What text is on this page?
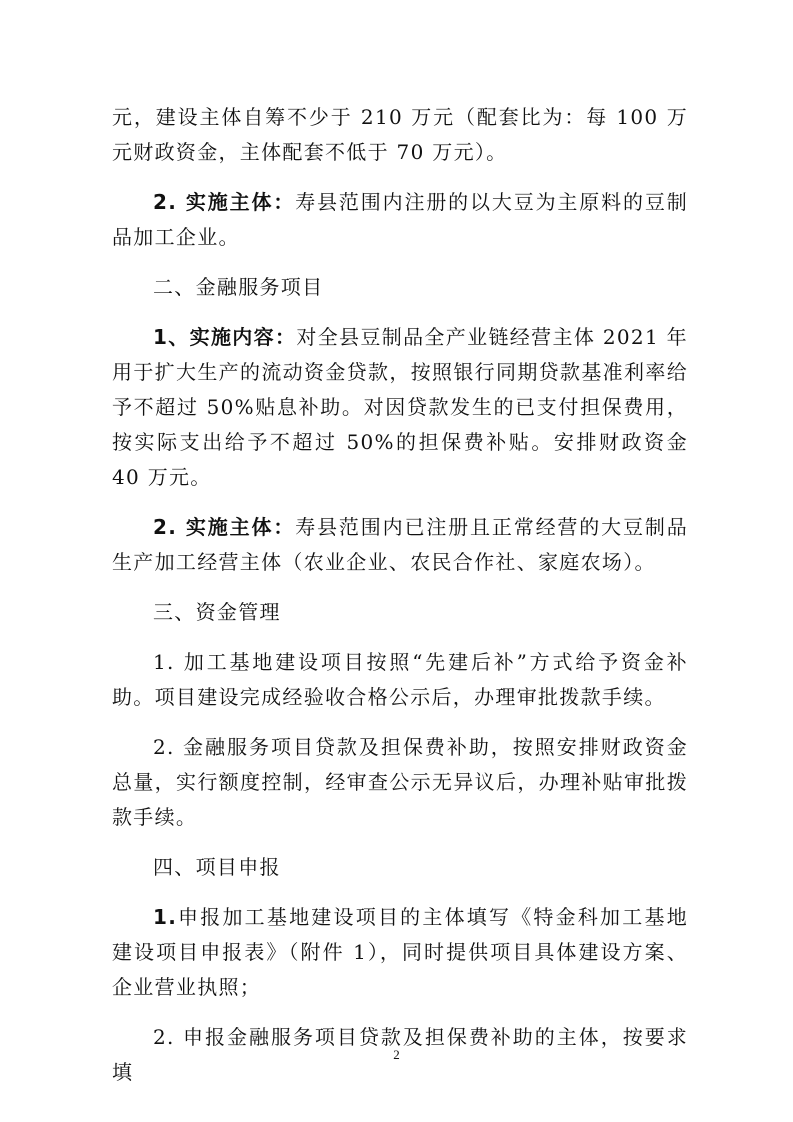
元，建设主体自筹不少于 210 万元（配套比为：每 100 万元财政资金，主体配套不低于 70 万元）。

2. 实施主体：寿县范围内注册的以大豆为主原料的豆制品加工企业。

二、金融服务项目

1、实施内容：对全县豆制品全产业链经营主体 2021 年用于扩大生产的流动资金贷款，按照银行同期贷款基准利率给予不超过 50%贴息补助。对因贷款发生的已支付担保费用，按实际支出给予不超过 50%的担保费补贴。安排财政资金 40 万元。

2. 实施主体：寿县范围内已注册且正常经营的大豆制品生产加工经营主体（农业企业、农民合作社、家庭农场）。

三、资金管理

1. 加工基地建设项目按照“先建后补”方式给予资金补助。项目建设完成经验收合格公示后，办理审批拨款手续。

2. 金融服务项目贷款及担保费补助，按照安排财政资金总量，实行额度控制，经审查公示无异议后，办理补贴审批拨款手续。

四、项目申报

1.申报加工基地建设项目的主体填写《特金科加工基地建设项目申报表》（附件 1），同时提供项目具体建设方案、企业营业执照；

2. 申报金融服务项目贷款及担保费补助的主体，按要求填

2
